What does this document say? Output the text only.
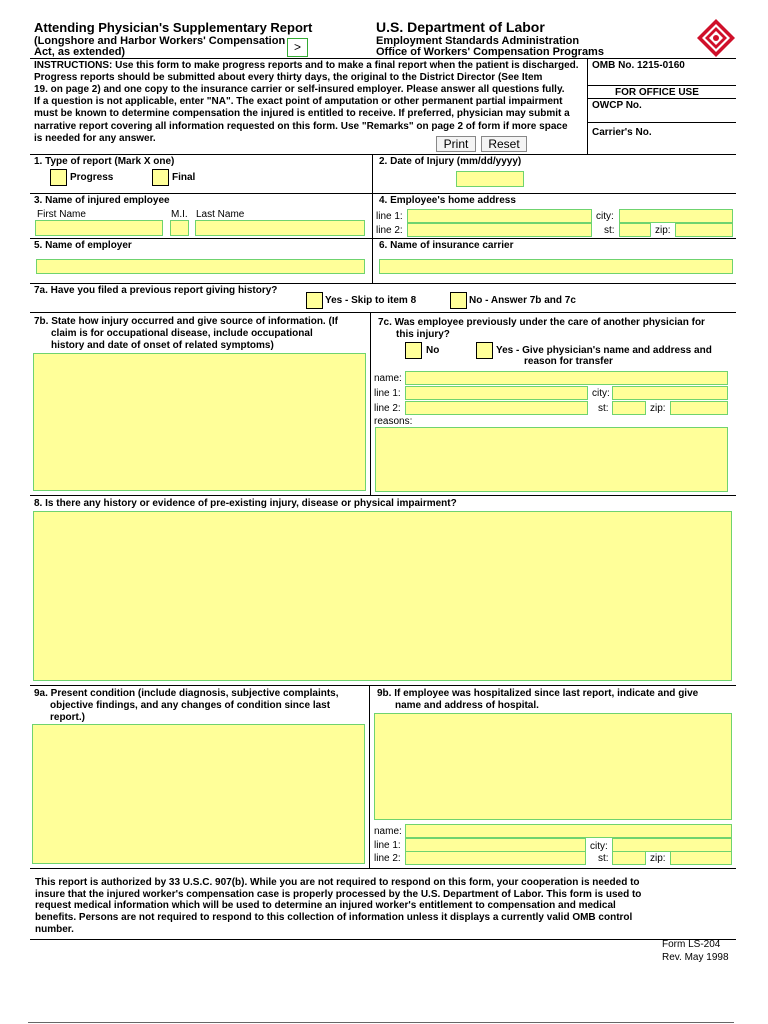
Attending Physician's Supplementary Report
(Longshore and Harbor Workers' Compensation
Act, as extended)	>
U.S. Department of Labor
Employment Standards Administration
Office of Workers' Compensation Programs
INSTRUCTIONS: Use this form to make progress reports and to make a final report when the patient is discharged.
Progress reports should be submitted about every thirty days, the original to the District Director (See Item
19. on page 2) and one copy to the insurance carrier or self-insured employer. Please answer all questions fully.
If a question is not applicable, enter "NA". The exact point of amputation or other permanent partial impairment
must be known to determine compensation the injured is entitled to receive. If preferred, physician may submit a
narrative report covering all information requested on this form. Use "Remarks" on page 2 of form if more space
is needed for any answer.	Print	Reset
OMB No. 1215-0160
FOR OFFICE USE
OWCP No.
Carrier's No.
1. Type of report (Mark X one)
Progress	Final
2. Date of Injury (mm/dd/yyyy)
3. Name of injured employee
First Name	M.I. Last Name
4. Employee's home address
line 1:	city:
line 2:	st:	zip:
5. Name of employer	6. Name of insurance carrier
7a. Have you filed a previous report giving history?
Yes - Skip to item 8	No - Answer 7b and 7c
7b. State how injury occurred and give source of information. (If
claim is for occupational disease, include occupational
history and date of onset of related symptoms)
7c. Was employee previously under the care of another physician for
this injury?
No	Yes - Give physician's name and address and
reason for transfer
name:
line 1:	city:
line 2:	st:	zip:
reasons:
8. Is there any history or evidence of pre-existing injury, disease or physical impairment?
9a. Present condition (include diagnosis, subjective complaints,
objective findings, and any changes of condition since last
report.)
9b. If employee was hospitalized since last report, indicate and give
name and address of hospital.
name:
line 1:	city:
line 2:	st:	zip:
This report is authorized by 33 U.S.C. 907(b). While you are not required to respond on this form, your cooperation is needed to
insure that the injured worker's compensation case is properly processed by the U.S. Department of Labor. This form is used to
request medical information which will be used to determine an injured worker's entitlement to compensation and medical
benefits. Persons are not required to respond to this collection of information unless it displays a currently valid OMB control
number.
Form LS-204
Rev. May 1998
